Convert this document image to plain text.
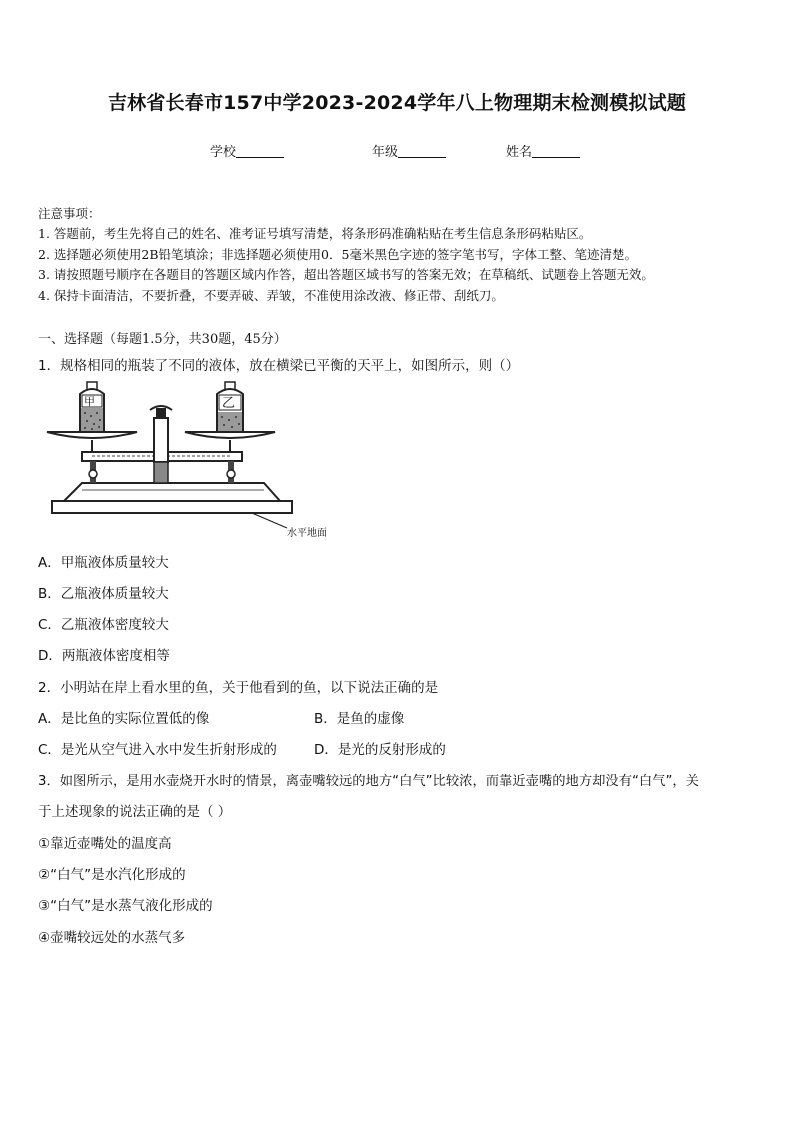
吉林省长春市157中学2023-2024学年八上物理期末检测模拟试题
学校	年级	姓名
注意事项：
1. 答题前，考生先将自己的姓名、准考证号填写清楚，将条形码准确粘贴在考生信息条形码粘贴区。
2. 选择题必须使用2B铅笔填涂；非选择题必须使用0．5毫米黑色字迹的签字笔书写，字体工整、笔迹清楚。
3. 请按照题号顺序在各题目的答题区域内作答，超出答题区域书写的答案无效；在草稿纸、试题卷上答题无效。
4. 保持卡面清洁，不要折叠，不要弄破、弄皱，不准使用涂改液、修正带、刮纸刀。
一、选择题（每题1.5分，共30题，45分）
1．规格相同的瓶装了不同的液体，放在横梁已平衡的天平上，如图所示，则（）
甲	乙
水平地面
A．甲瓶液体质量较大
B．乙瓶液体质量较大
C．乙瓶液体密度较大
D．两瓶液体密度相等
2．小明站在岸上看水里的鱼，关于他看到的鱼，以下说法正确的是
A．是比鱼的实际位置低的像	B．是鱼的虚像
C．是光从空气进入水中发生折射形成的	D．是光的反射形成的
3．如图所示，是用水壶烧开水时的情景，离壶嘴较远的地方“白气”比较浓，而靠近壶嘴的地方却没有“白气”，关
于上述现象的说法正确的是（ ）
①靠近壶嘴处的温度高
②“白气”是水汽化形成的
③“白气”是水蒸气液化形成的
④壶嘴较远处的水蒸气多
